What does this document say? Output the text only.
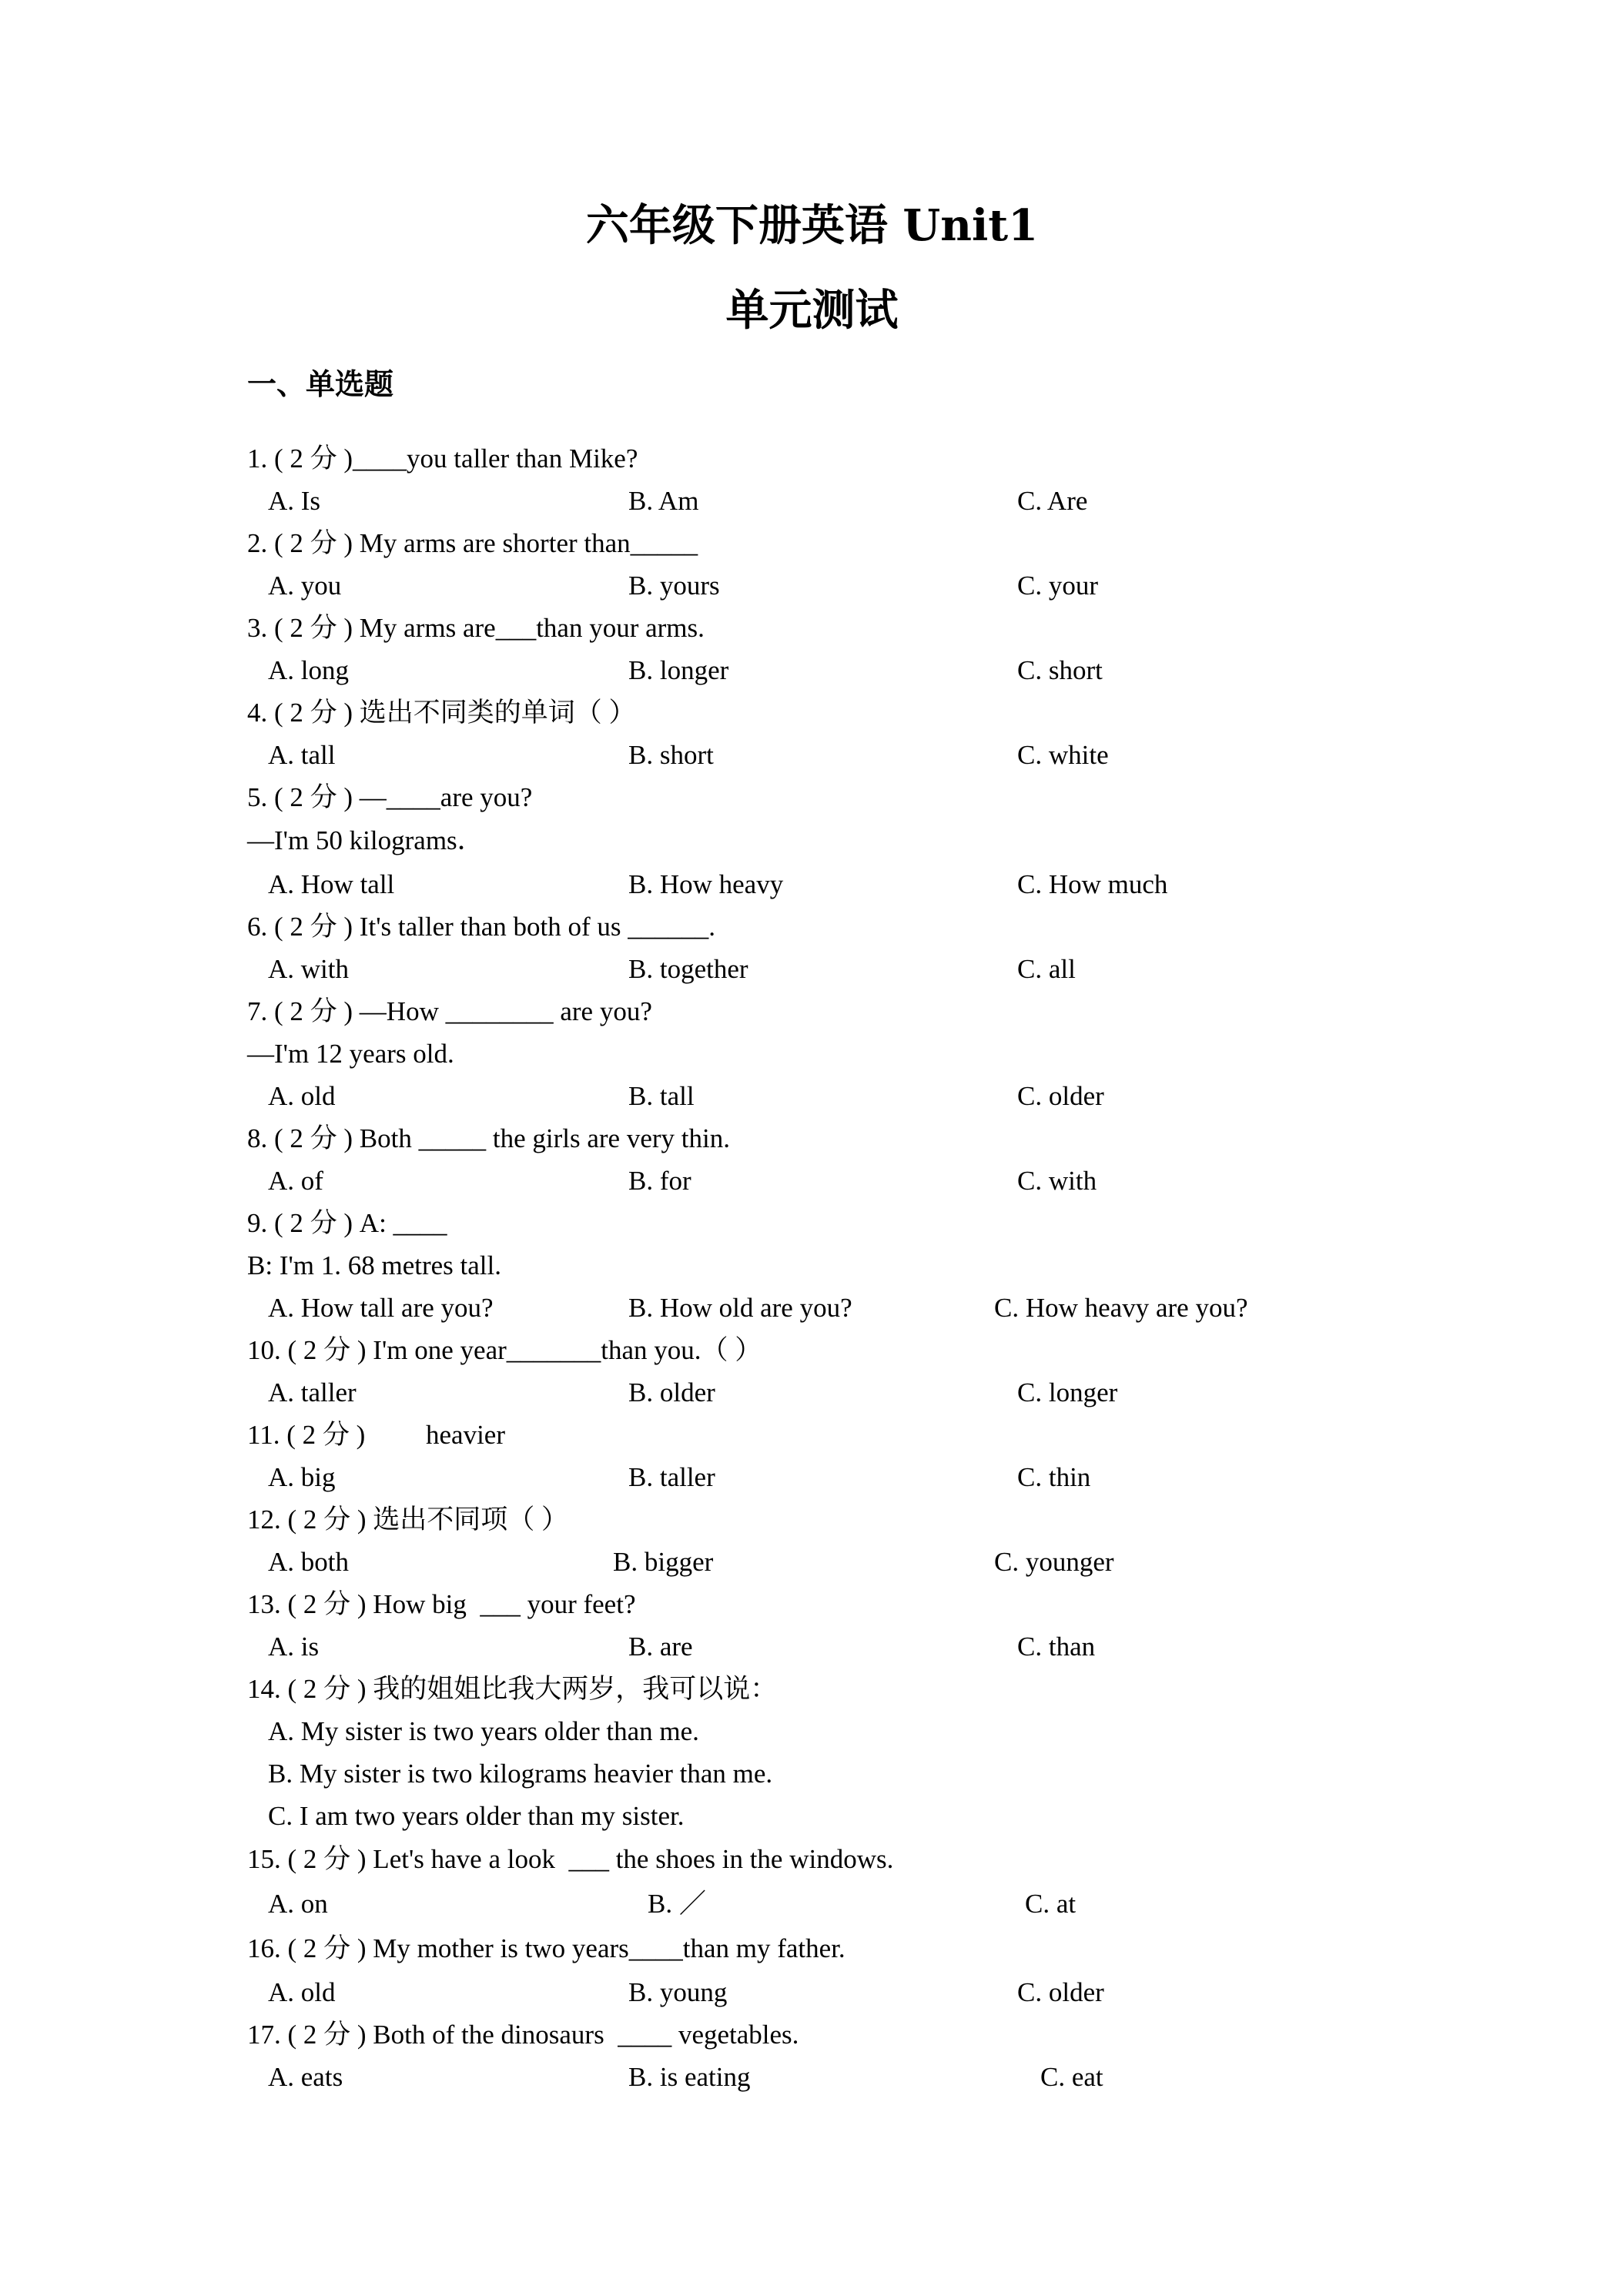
六年级下册英语 Unit1
单元测试
一、单选题
1. ( 2 分 )____you taller than Mike?
A. Is	B. Am	C. Are
2. ( 2 分 ) My arms are shorter than_____
A. you	B. yours	C. your
3. ( 2 分 ) My arms are___than your arms.
A. long	B. longer	C. short
4. ( 2 分 ) 选出不同类的单词（ ）
A. tall	B. short	C. white
5. ( 2 分 ) —____are you?
—I'm 50 kilograms．
A. How tall	B. How heavy	C. How much
6. ( 2 分 ) It's taller than both of us ______.
A. with	B. together	C. all
7. ( 2 分 ) —How ________ are you?
—I'm 12 years old.
A. old	B. tall	C. older
8. ( 2 分 ) Both _____ the girls are very thin.
A. of	B. for	C. with
9. ( 2 分 ) A: ____
B: I'm 1. 68 metres tall.
A. How tall are you?	B. How old are you?	C. How heavy are you?
10. ( 2 分 ) I'm one year_______than you.（ ）
A. taller	B. older	C. longer
11. ( 2 分 )         heavier
A. big	B. taller	C. thin
12. ( 2 分 ) 选出不同项（ ）
A. both	B. bigger	C. younger
13. ( 2 分 ) How big  ___ your feet?
A. is	B. are	C. than
14. ( 2 分 ) 我的姐姐比我大两岁，我可以说：
A. My sister is two years older than me.
B. My sister is two kilograms heavier than me.
C. I am two years older than my sister.
15. ( 2 分 ) Let's have a look  ___ the shoes in the windows.
A. on	B. ／	C. at
16. ( 2 分 ) My mother is two years____than my father.
A. old	B. young	C. older
17. ( 2 分 ) Both of the dinosaurs  ____ vegetables.
A. eats	B. is eating	C. eat
